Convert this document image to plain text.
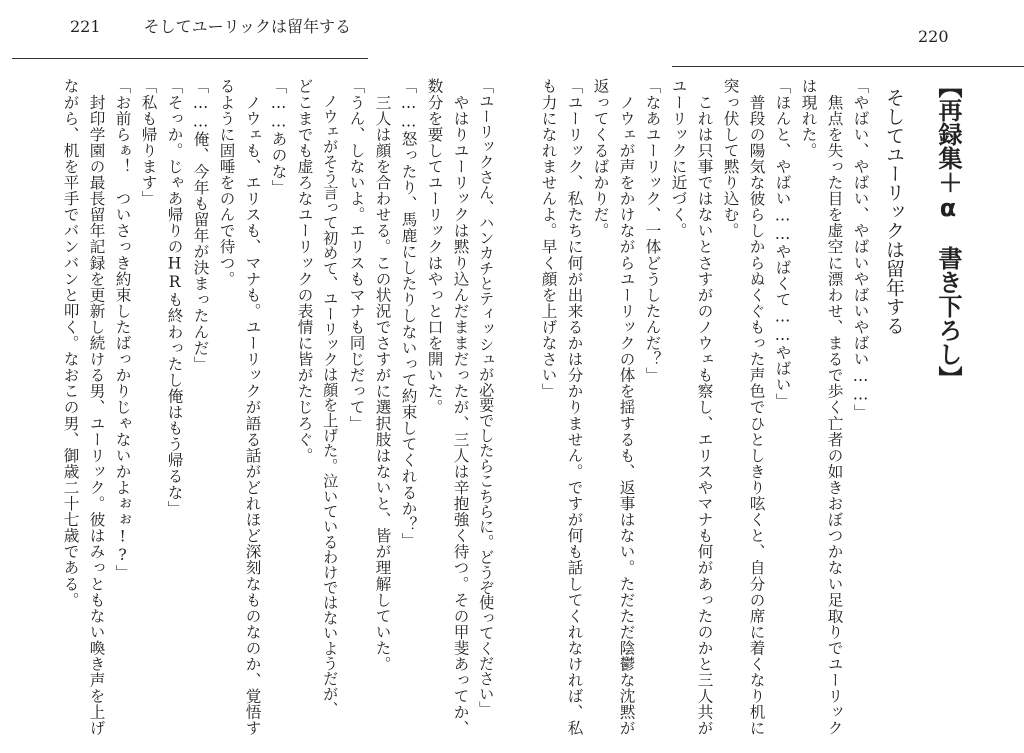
221	そしてユーリックは留年する
「ユーリックさん、ハンカチとティッシュが必要でしたらこちらに。どうぞ使ってください」
　やはりユーリックは黙り込んだままだったが、三人は辛抱強く待つ。その甲斐あってか、
数分を要してユーリックはやっと口を開いた。
「……怒ったり、馬鹿にしたりしないって約束してくれるか？」
　三人は顔を合わせる。この状況でさすがに選択肢はないと、皆が理解していた。
「うん、しないよ。エリスもマナも同じだって」
　ノウェがそう言って初めて、ユーリックは顔を上げた。泣いているわけではないようだが、
どこまでも虚ろなユーリックの表情に皆がたじろぐ。
「……あのな」
　ノウェも、エリスも、マナも。ユーリックが語る話がどれほど深刻なものなのか、覚悟す
るように固唾をのんで待つ。
「……俺、今年も留年が決まったんだ」
「そっか。じゃあ帰りのHRも終わったし俺はもう帰るな」
「私も帰ります」
「お前らぁ！　ついさっき約束したばっかりじゃないかよぉぉ!?」
　封印学園の最長留年記録を更新し続ける男、ユーリック。彼はみっともない喚き声を上げ
ながら、机を平手でバンバンと叩く。なおこの男、御歳二十七歳である。
220
【再録集＋α　書き下ろし】
そしてユーリックは留年する
「やばい、やばい、やばいやばいやばい……」
　焦点を失った目を虚空に漂わせ、まるで歩く亡者の如きおぼつかない足取りでユーリック
は現れた。
「ほんと、やばい……やばくて……やばい」
　普段の陽気な彼らしからぬくぐもった声色でひとしきり呟くと、自分の席に着くなり机に
突っ伏して黙り込む。
　これは只事ではないとさすがのノウェも察し、エリスやマナも何があったのかと三人共が
ユーリックに近づく。
「なあユーリック、一体どうしたんだ？」
　ノウェが声をかけながらユーリックの体を揺するも、返事はない。ただただ陰鬱な沈黙が
返ってくるばかりだ。
「ユーリック、私たちに何が出来るかは分かりません。ですが何も話してくれなければ、私
も力になれませんよ。早く顔を上げなさい」
